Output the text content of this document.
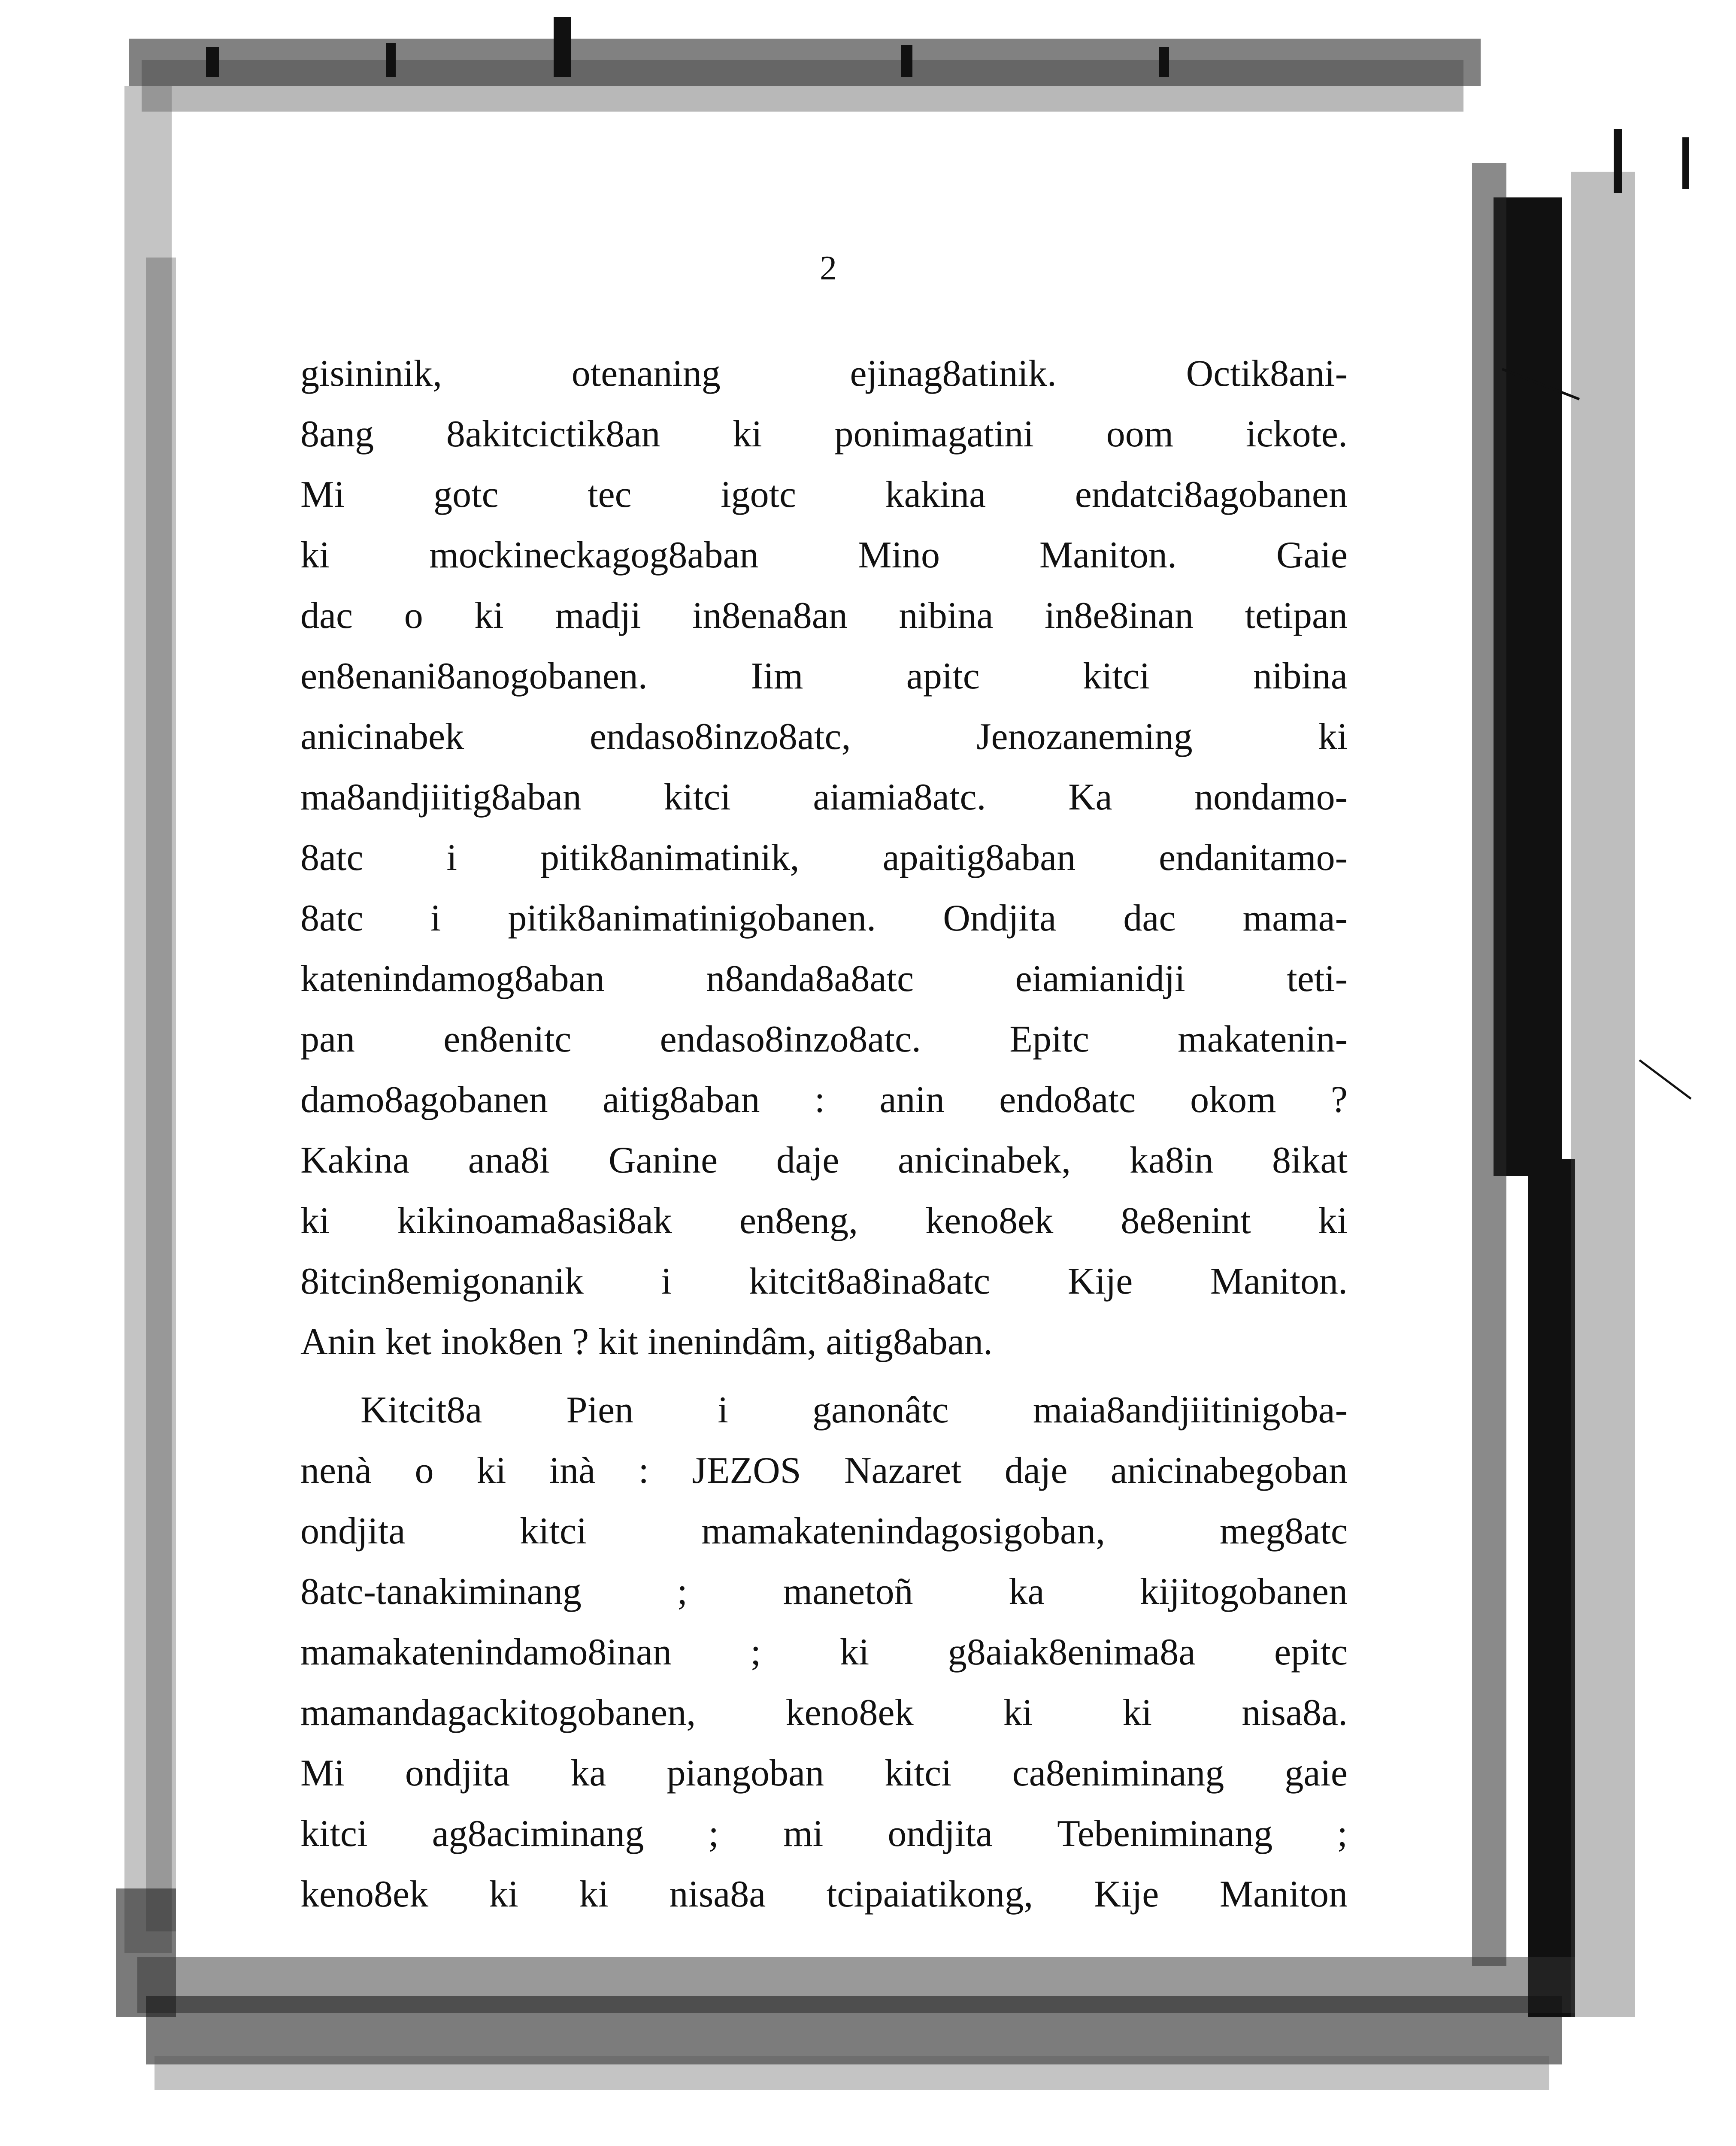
2
gisininik,	otenaning	ejinag8atinik.	Octik8ani-
8ang 8akitcictik8an ki ponimagatini oom ickote.
Mi gotc tec igotc kakina endatci8agobanen
ki	mockineckagog8aban	Mino	Maniton.	Gaie
dac o ki madji in8ena8an nibina in8e8inan tetipan
en8enani8anogobanen.	Iim	apitc	kitci	nibina
anicinabek	endaso8inzo8atc,	Jenozaneming	ki
ma8andjiitig8aban kitci aiamia8atc. Ka nondamo-
8atc i pitik8animatinik, apaitig8aban endanitamo-
8atc i pitik8animatinigobanen. Ondjita dac mama-
katenindamog8aban	n8anda8a8atc	eiamianidji	teti-
pan en8enitc endaso8inzo8atc. Epitc makatenin-
damo8agobanen aitig8aban : anin endo8atc okom ?
Kakina ana8i Ganine daje anicinabek, ka8in 8ikat
ki kikinoama8asi8ak en8eng, keno8ek 8e8enint ki
8itcin8emigonanik i kitcit8a8ina8atc Kije Maniton.
Anin ket inok8en ? kit inenindâm, aitig8aban.
Kitcit8a Pien i ganonâtc maia8andjiitinigoba-
nenà o ki inà : JEZOS Nazaret daje anicinabegoban
ondjita	kitci	mamakatenindagosigoban,	meg8atc
8atc-tanakiminang	;	manetoñ	ka	kijitogobanen
mamakatenindamo8inan ; ki g8aiak8enima8a epitc
mamandagackitogobanen, keno8ek ki ki nisa8a.
Mi ondjita ka piangoban kitci ca8eniminang gaie
kitci ag8aciminang ; mi ondjita Tebeniminang ;
keno8ek ki ki nisa8a tcipaiatikong, Kije Maniton
